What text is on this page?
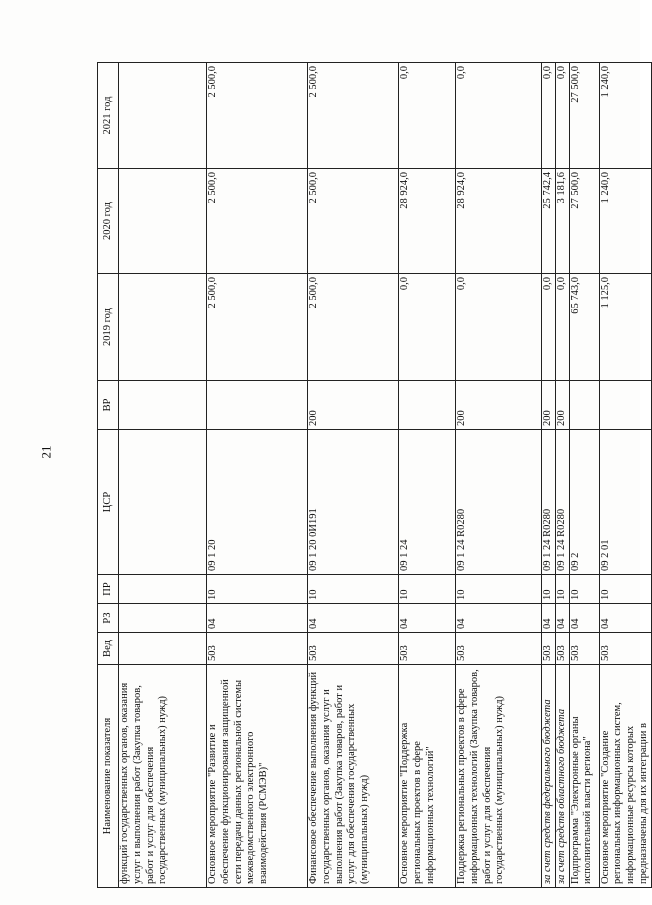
21
Наименование показателя	Вед	РЗ	ПР	ЦСР	ВР	2019 год	2020 год	2021 год
функций государственных органов, оказания услуг и выполнения работ (Закупка товаров, работ и услуг для обеспечения государственных (муниципальных) нужд)								
Основное мероприятие "Развитие и обеспечение функционирования защищенной сети передачи данных региональной системы межведомственного электронного взаимодействия (РСМЭВ)"	503	04	10	09 1 20		2 500,0	2 500,0	2 500,0
Финансовое обеспечение выполнения функций государственных органов, оказания услуг и выполнения работ (Закупка товаров, работ и услуг для обеспечения государственных (муниципальных) нужд)	503	04	10	09 1 20 0И191	200	2 500,0	2 500,0	2 500,0
Основное мероприятие "Поддержка региональных проектов в сфере информационных технологий"	503	04	10	09 1 24		0,0	28 924,0	0,0
Поддержка региональных проектов в сфере информационных технологий (Закупка товаров, работ и услуг для обеспечения государственных (муниципальных) нужд)	503	04	10	09 1 24 R0280	200	0,0	28 924,0	0,0
за счет средств федерального бюджета	503	04	10	09 1 24 R0280	200	0,0	25 742,4	0,0
за счет средств областного бюджета	503	04	10	09 1 24 R0280	200	0,0	3 181,6	0,0
Подпрограмма "Электронные органы исполнительной власти региона"	503	04	10	09 2		65 743,0	27 500,0	27 500,0
Основное мероприятие "Создание региональных информационных систем, информационные ресурсы которых предназначены для их интеграции в	503	04	10	09 2 01		1 125,0	1 240,0	1 240,0
